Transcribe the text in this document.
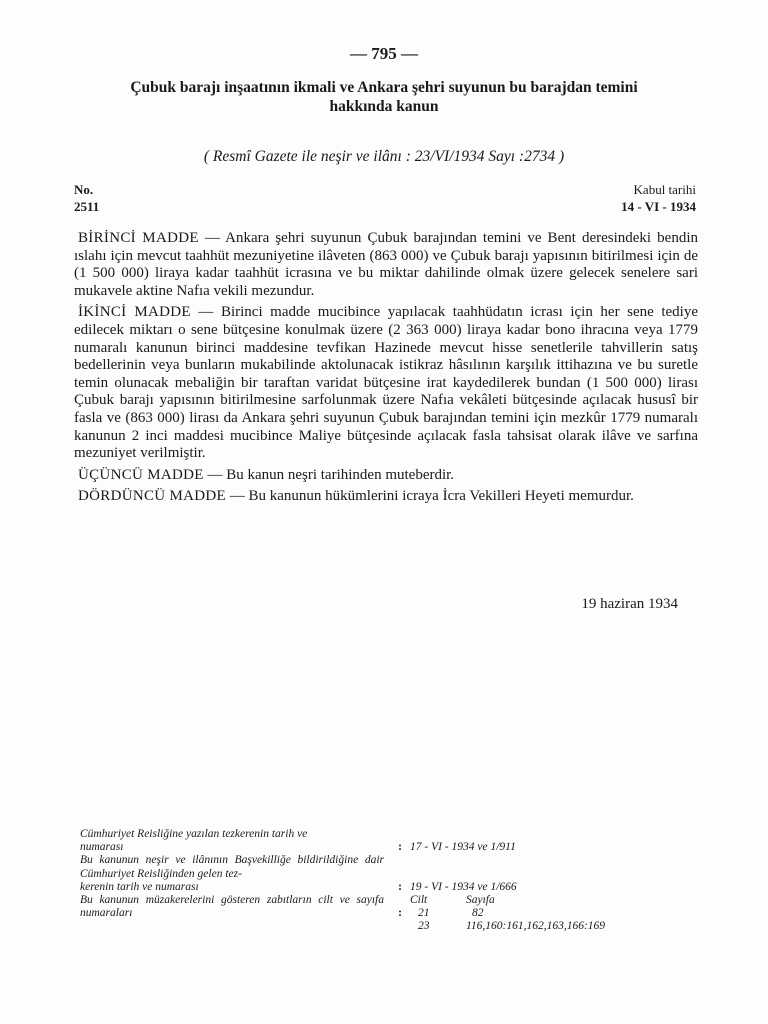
— 795 —
Çubuk barajı inşaatının ikmali ve Ankara şehri suyunun bu barajdan temini
hakkında kanun
( Resmî Gazete ile neşir ve ilânı : 23/VI/1934 Sayı :2734 )
No.
2511
Kabul tarihi
14 - VI - 1934

BİRİNCİ MADDE — Ankara şehri suyunun Çubuk barajından temini ve Bent deresindeki bendin ıslahı için mevcut taahhüt mezuniyetine ilâveten (863 000) ve Çubuk barajı yapısının bitirilmesi için de (1 500 000) liraya kadar taahhüt icrasına ve bu miktar dahilinde olmak üzere gelecek senelere sari mukavele aktine Nafıa vekili mezundur.

İKİNCİ MADDE — Birinci madde mucibince yapılacak taahhüdatın icrası için her sene tediye edilecek miktarı o sene bütçesine konulmak üzere (2 363 000) liraya kadar bono ihracına veya 1779 numaralı kanunun birinci maddesine tevfikan Hazinede mevcut hisse senetlerile tahvillerin satış bedellerinin veya bunların mukabilinde aktolunacak istikraz hâsılının karşılık ittihazına ve bu suretle temin olunacak mebaliğin bir taraftan varidat bütçesine irat kaydedilerek bundan (1 500 000) lirası Çubuk barajı yapısının bitirilmesine sarfolunmak üzere Nafıa vekâleti bütçesinde açılacak hususî bir fasla ve (863 000) lirası da Ankara şehri suyunun Çubuk barajından temini için mezkûr 1779 numaralı kanunun 2 inci maddesi mucibince Maliye bütçesinde açılacak fasla tahsisat olarak ilâve ve sarfına mezuniyet verilmiştir.

ÜÇÜNCÜ MADDE — Bu kanun neşri tarihinden muteberdir.

DÖRDÜNCÜ MADDE — Bu kanunun hükümlerini icraya İcra Vekilleri Heyeti memurdur.

19 haziran 1934
Cümhuriyet Reisliğine yazılan tezkerenin tarih ve
numarası	: 17 - VI - 1934 ve 1/911
Bu kanunun neşir ve ilânının Başvekilliğe bildirildiğine dair Cümhuriyet Reisliğinden gelen tez-
kerenin tarih ve numarası	: 19 - VI - 1934 ve 1/666
Bu kanunun müzakerelerini gösteren zabıtların cilt ve sayıfa numaraları	:
Cilt	Sayıfa
21	82
23	116,160:161,162,163,166:169
